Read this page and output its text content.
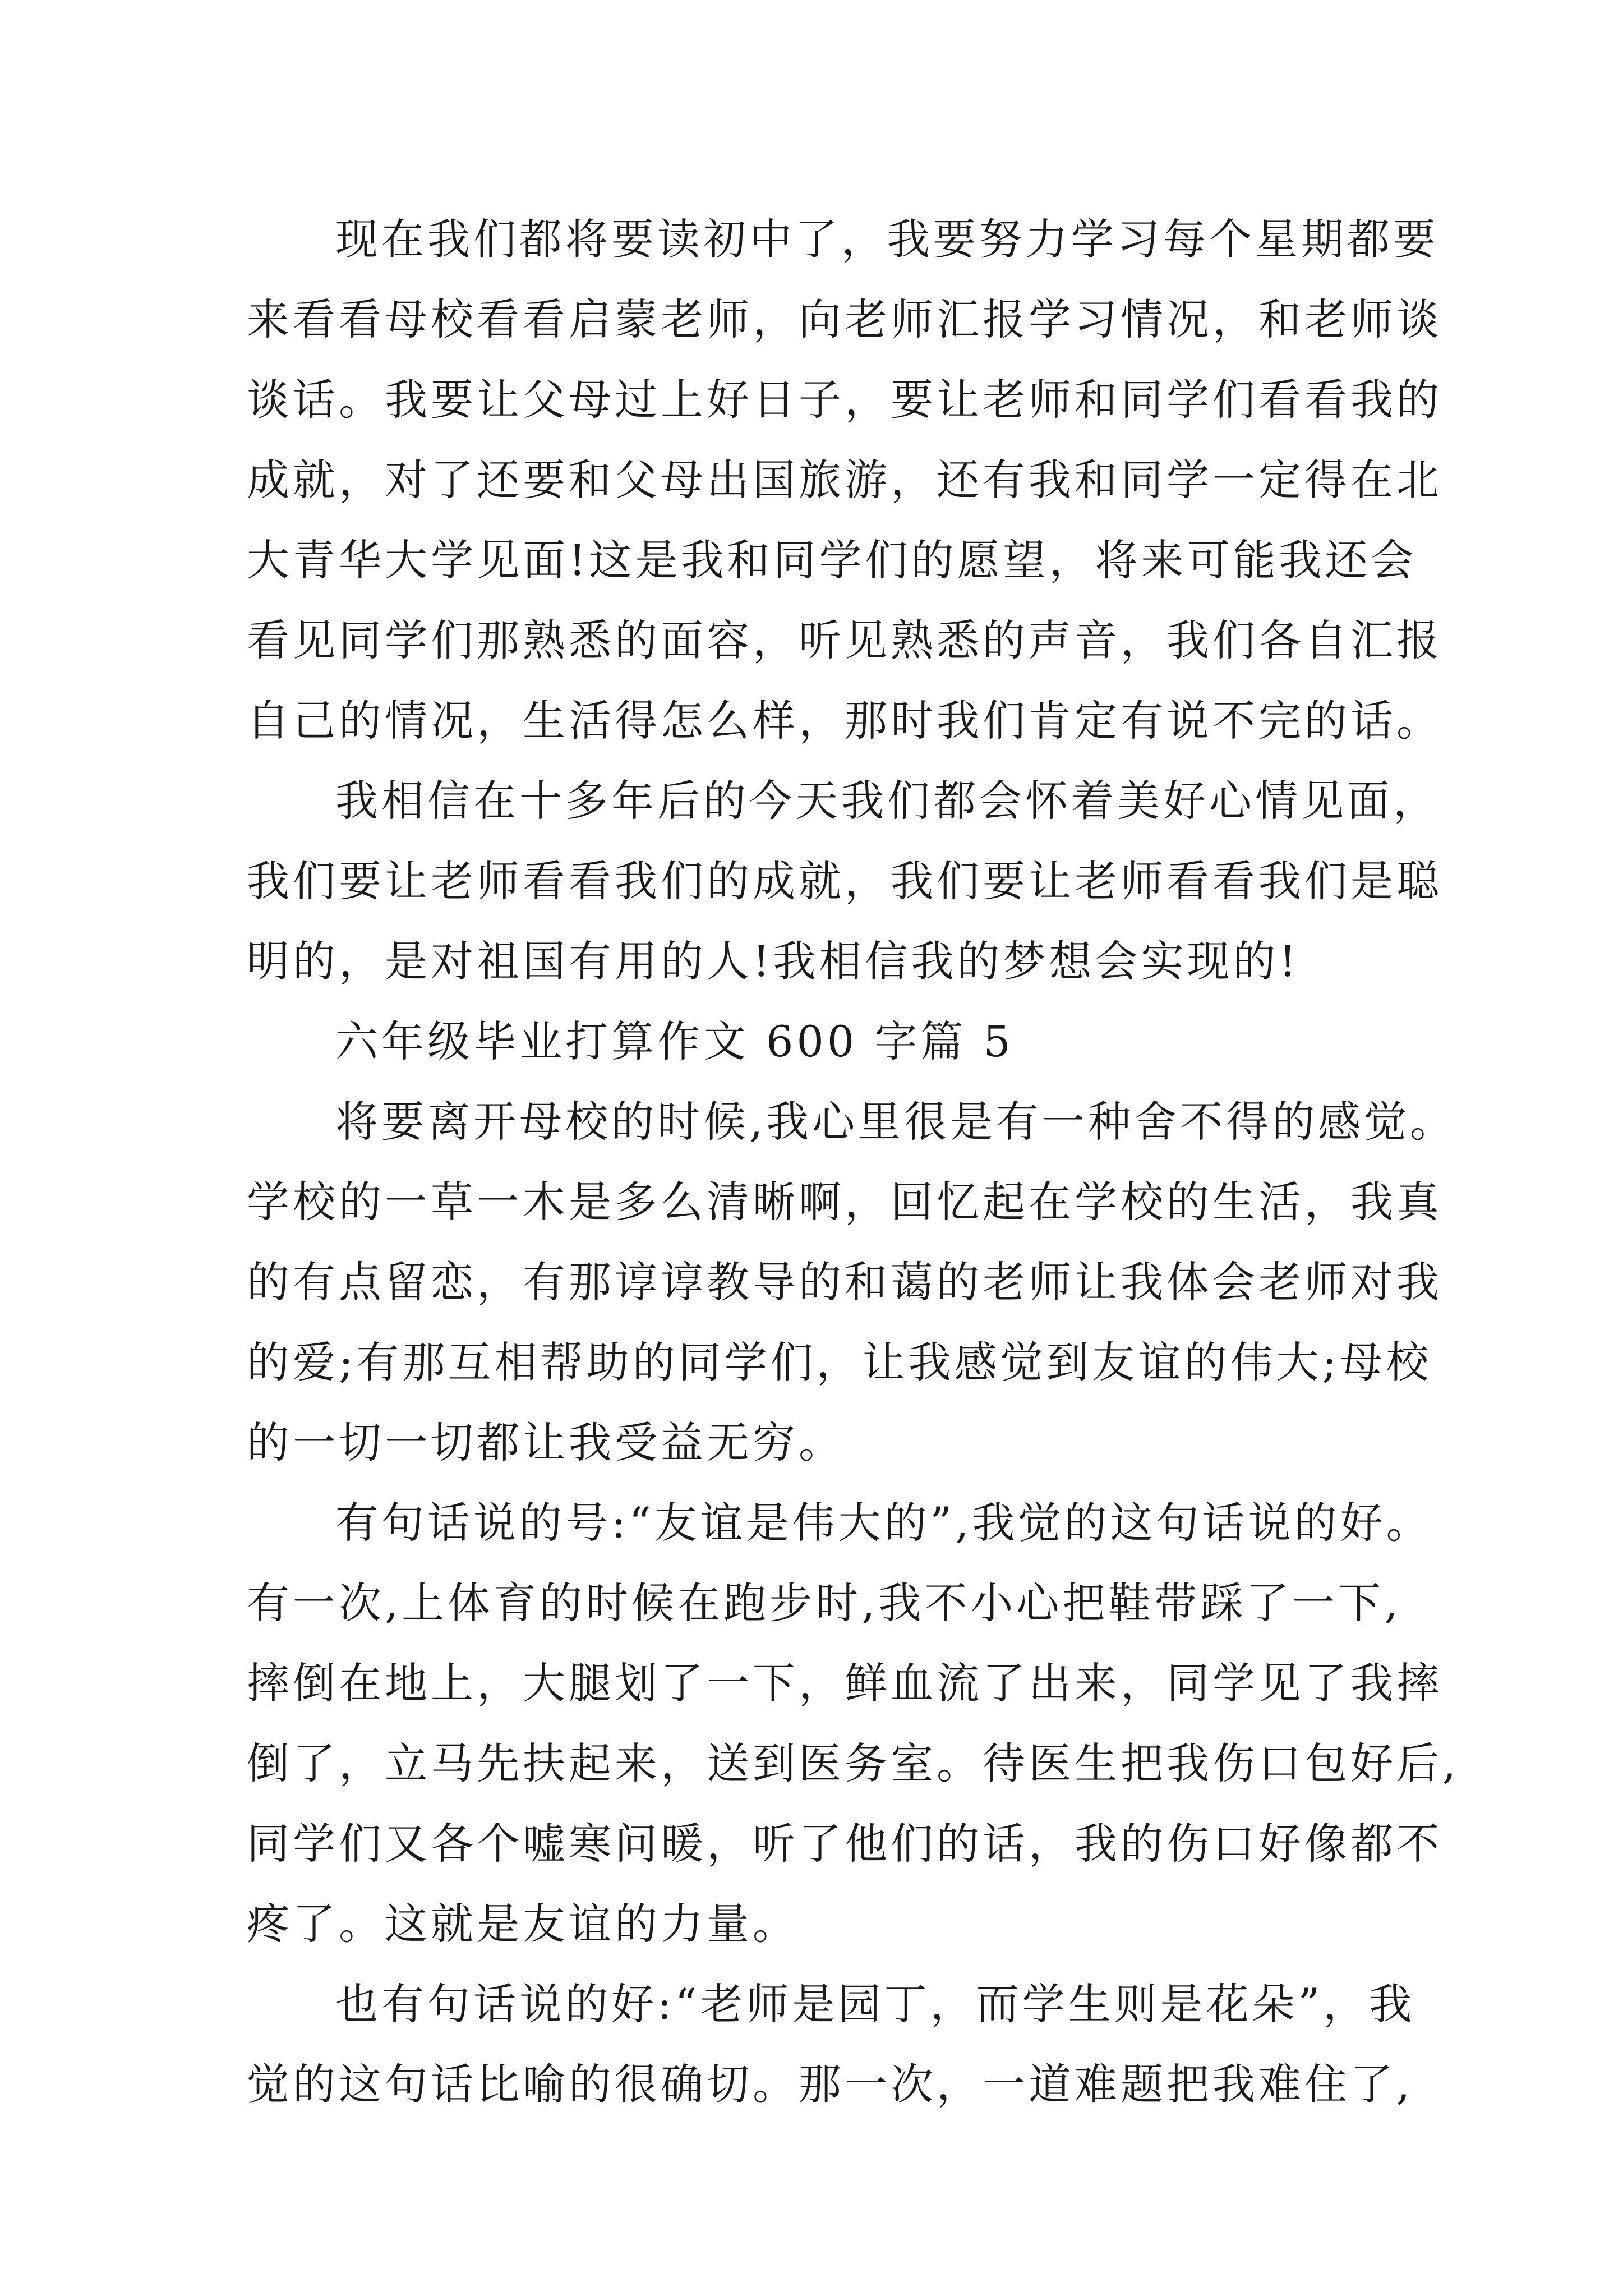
现在我们都将要读初中了，我要努力学习每个星期都要
来看看母校看看启蒙老师，向老师汇报学习情况，和老师谈
谈话。我要让父母过上好日子，要让老师和同学们看看我的
成就，对了还要和父母出国旅游，还有我和同学一定得在北
大青华大学见面!这是我和同学们的愿望，将来可能我还会
看见同学们那熟悉的面容，听见熟悉的声音，我们各自汇报
自己的情况，生活得怎么样，那时我们肯定有说不完的话。
我相信在十多年后的今天我们都会怀着美好心情见面，
我们要让老师看看我们的成就，我们要让老师看看我们是聪
明的，是对祖国有用的人!我相信我的梦想会实现的!
六年级毕业打算作文 600 字篇 5
将要离开母校的时候,我心里很是有一种舍不得的感觉。
学校的一草一木是多么清晰啊，回忆起在学校的生活，我真
的有点留恋，有那谆谆教导的和蔼的老师让我体会老师对我
的爱;有那互相帮助的同学们，让我感觉到友谊的伟大;母校
的一切一切都让我受益无穷。
有句话说的号:“友谊是伟大的”,我觉的这句话说的好。
有一次,上体育的时候在跑步时,我不小心把鞋带踩了一下,
摔倒在地上，大腿划了一下，鲜血流了出来，同学见了我摔
倒了，立马先扶起来，送到医务室。待医生把我伤口包好后,
同学们又各个嘘寒问暖，听了他们的话，我的伤口好像都不
疼了。这就是友谊的力量。
也有句话说的好:“老师是园丁，而学生则是花朵”，我
觉的这句话比喻的很确切。那一次，一道难题把我难住了,
